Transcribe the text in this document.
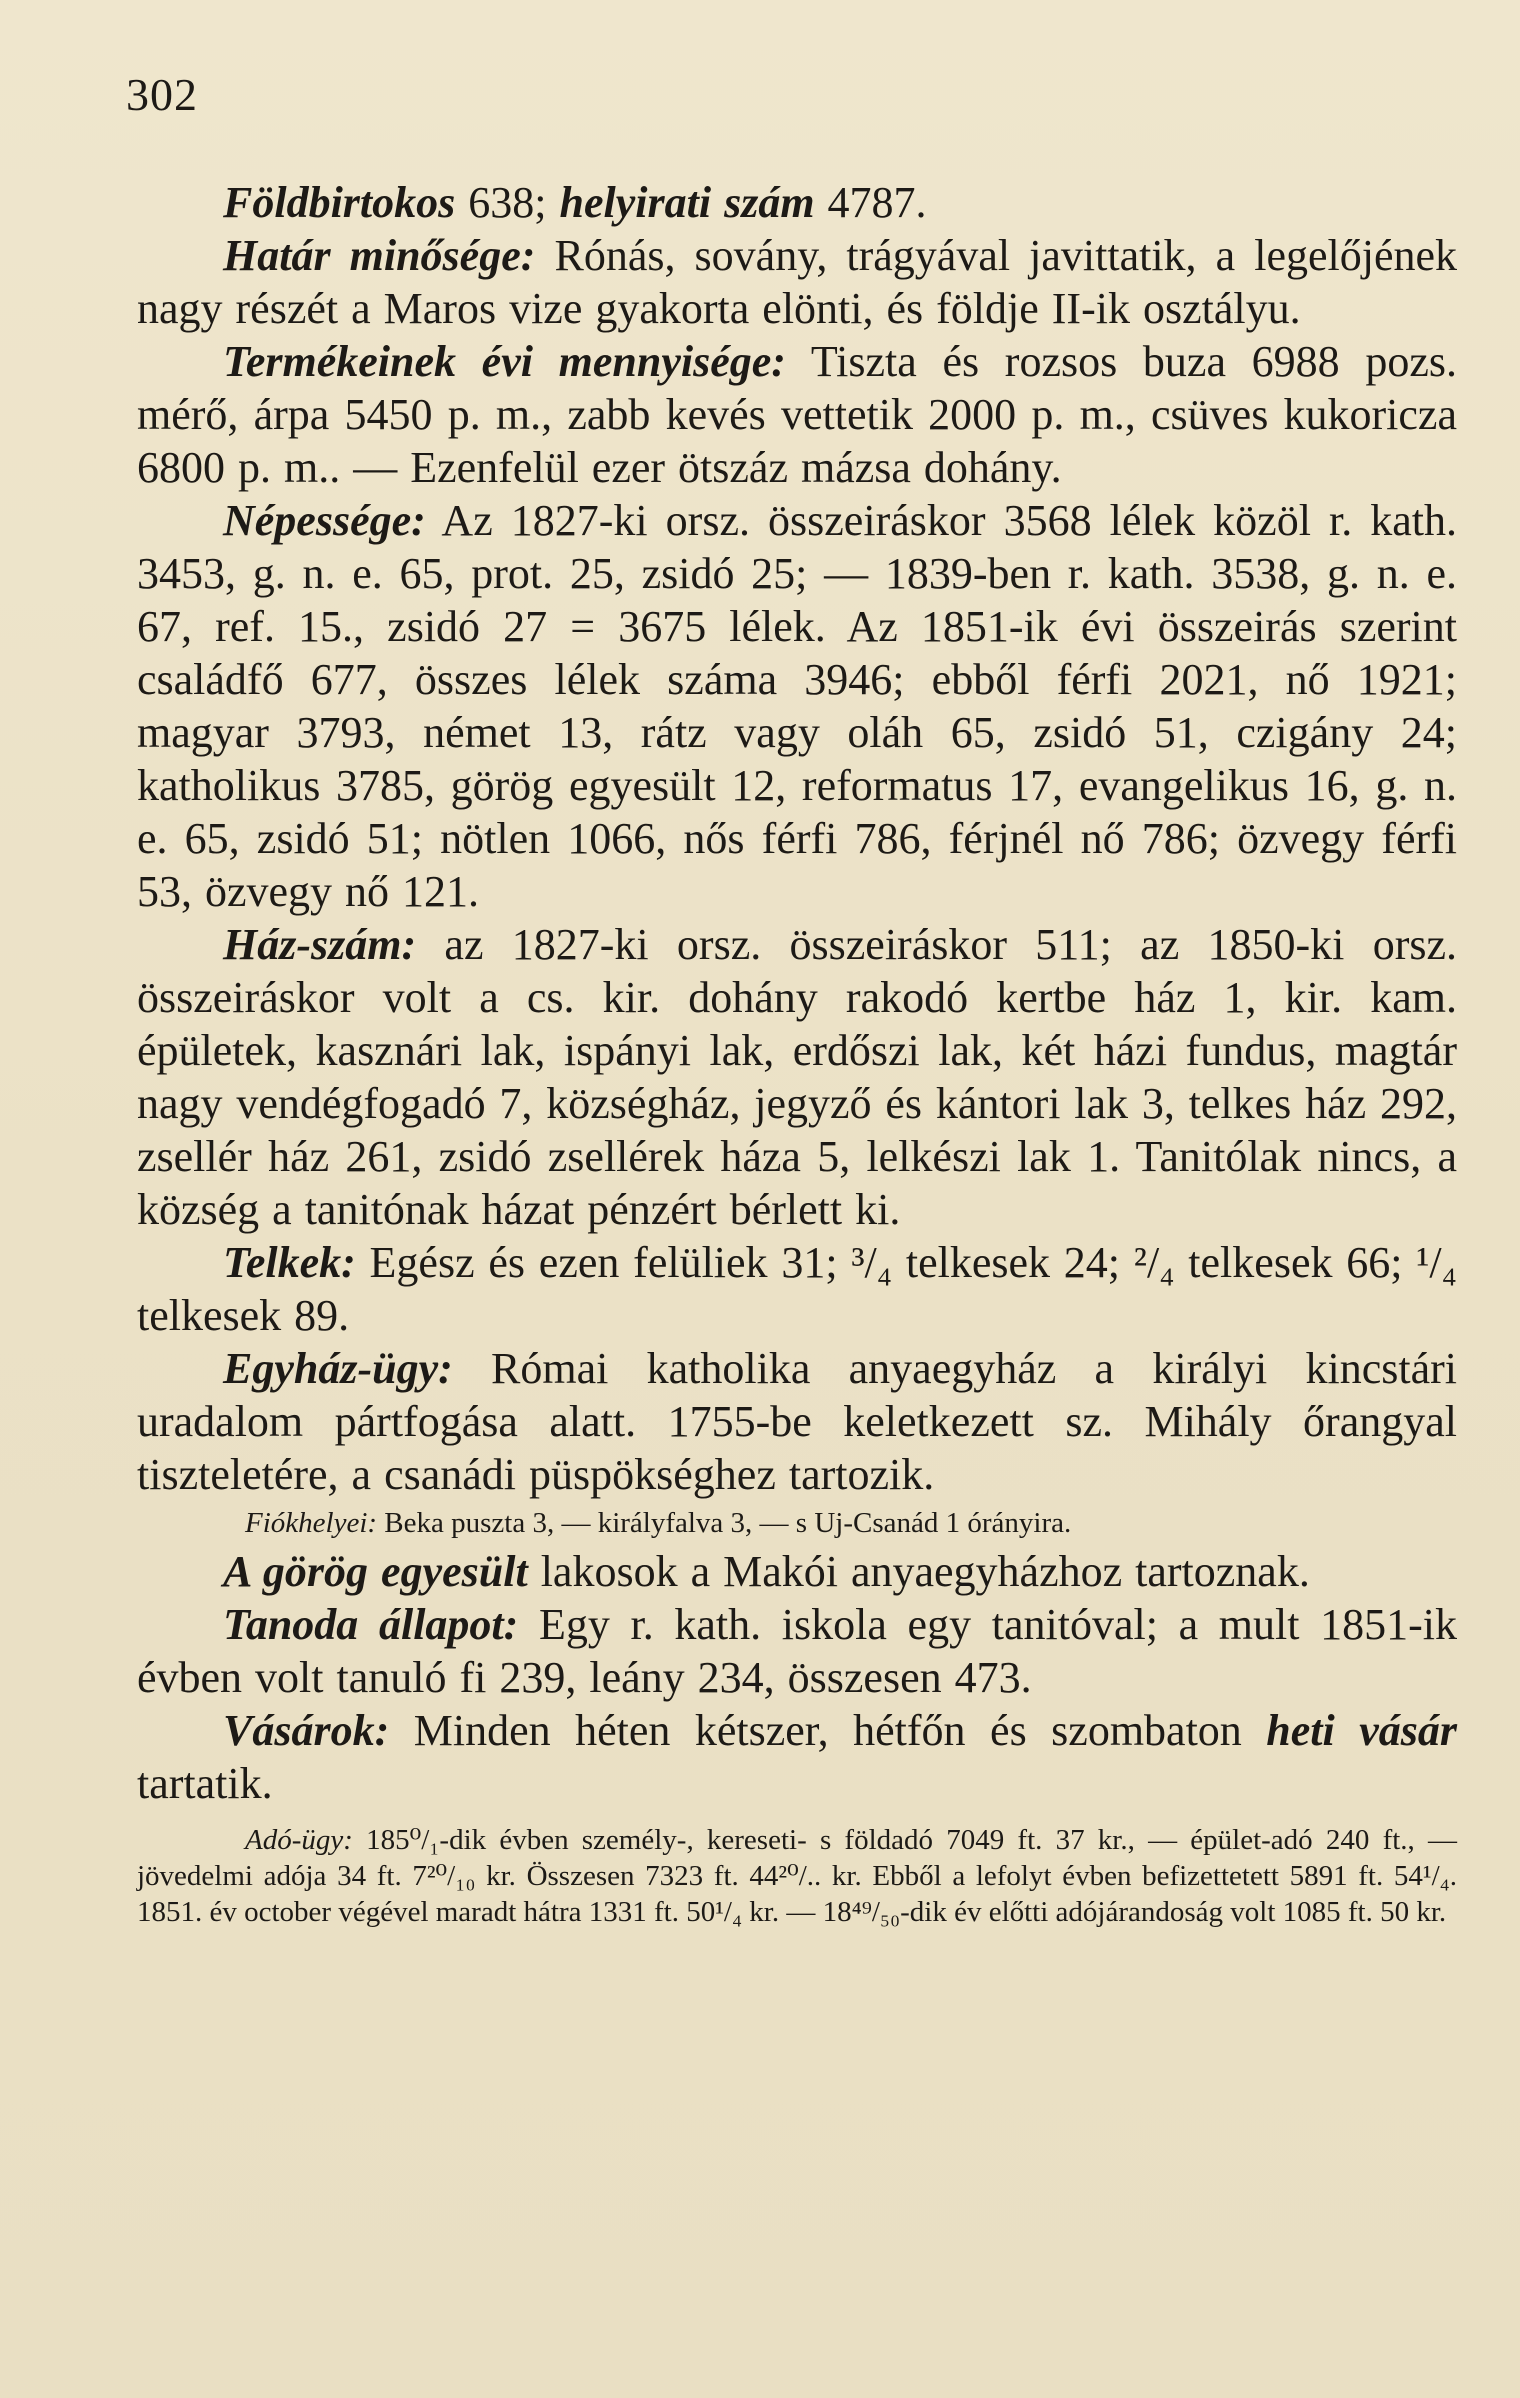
302

Földbirtokos 638; helyirati szám 4787.

Határ minősége: Rónás, sovány, trágyával javittatik, a legelőjének nagy részét a Maros vize gyakorta elönti, és földje II-ik osztályu.

Termékeinek évi mennyisége: Tiszta és rozsos buza 6988 pozs. mérő, árpa 5450 p. m., zabb kevés vettetik 2000 p. m., csüves kukoricza 6800 p. m.. — Ezenfelül ezer ötszáz mázsa dohány.

Népessége: Az 1827-ki orsz. összeiráskor 3568 lélek közöl r. kath. 3453, g. n. e. 65, prot. 25, zsidó 25; — 1839-ben r. kath. 3538, g. n. e. 67, ref. 15., zsidó 27 = 3675 lélek. Az 1851-ik évi összeirás szerint családfő 677, összes lélek száma 3946; ebből férfi 2021, nő 1921; magyar 3793, német 13, rátz vagy oláh 65, zsidó 51, czigány 24; katholikus 3785, görög egyesült 12, reformatus 17, evangelikus 16, g. n. e. 65, zsidó 51; nötlen 1066, nős férfi 786, férjnél nő 786; özvegy férfi 53, özvegy nő 121.

Ház-szám: az 1827-ki orsz. összeiráskor 511; az 1850-ki orsz. összeiráskor volt a cs. kir. dohány rakodó kertbe ház 1, kir. kam. épületek, kasznári lak, ispányi lak, erdőszi lak, két házi fundus, magtár nagy vendégfogadó 7, községház, jegyző és kántori lak 3, telkes ház 292, zsellér ház 261, zsidó zsellérek háza 5, lelkészi lak 1. Tanitólak nincs, a község a tanitónak házat pénzért bérlett ki.

Telkek: Egész és ezen felüliek 31; ³/₄ telkesek 24; ²/₄ telkesek 66; ¹/₄ telkesek 89.

Egyház-ügy: Római katholika anyaegyház a királyi kincstári uradalom pártfogása alatt. 1755-be keletkezett sz. Mihály őrangyal tiszteletére, a csanádi püspökséghez tartozik.

Fiókhelyei: Beka puszta 3, — királyfalva 3, — s Uj-Csanád 1 órányira.

A görög egyesült lakosok a Makói anyaegyházhoz tartoznak.

Tanoda állapot: Egy r. kath. iskola egy tanitóval; a mult 1851-ik évben volt tanuló fi 239, leány 234, összesen 473.

Vásárok: Minden héten kétszer, hétfőn és szombaton heti vásár tartatik.

Adó-ügy: 185⁰/₁-dik évben személy-, kereseti- s földadó 7049 ft. 37 kr., — épület-adó 240 ft., — jövedelmi adója 34 ft. 7²⁰/₁₀ kr. Összesen 7323 ft. 44²⁰/.. kr. Ebből a lefolyt évben befizettetett 5891 ft. 54¹/₄. 1851. év october végével maradt hátra 1331 ft. 50¹/₄ kr. — 18⁴⁹/₅₀-dik év előtti adójárandoság volt 1085 ft. 50 kr.
